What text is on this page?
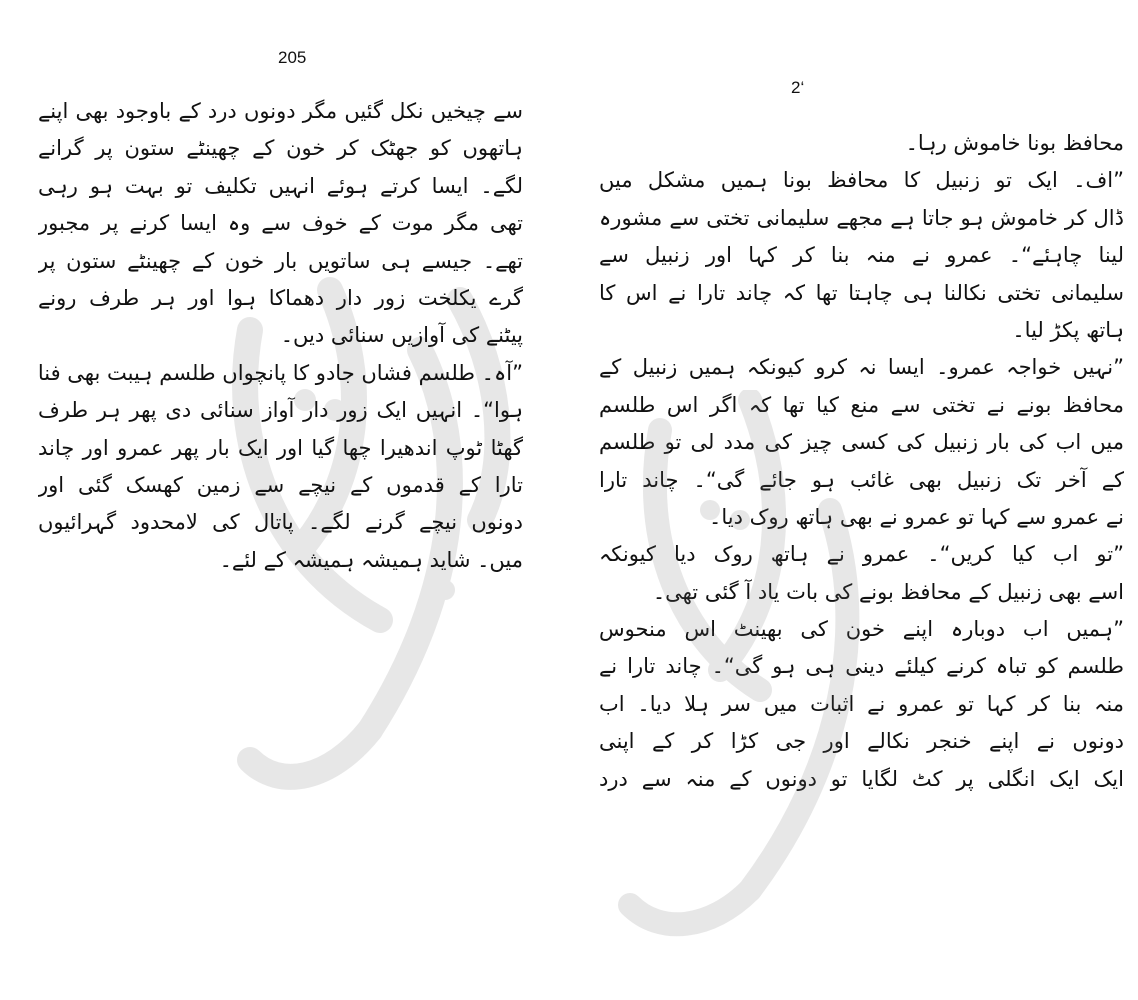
205
سے چیخیں نکل گئیں مگر دونوں درد کے باوجود بھی اپنے
ہاتھوں کو جھٹک کر خون کے چھینٹے ستون پر گرانے
لگے۔ ایسا کرتے ہوئے انہیں تکلیف تو بہت ہو رہی
تھی مگر موت کے خوف سے وہ ایسا کرنے پر مجبور
تھے۔ جیسے ہی ساتویں بار خون کے چھینٹے ستون پر
گرے یکلخت زور دار دھماکا ہوا اور ہر طرف رونے
پیٹنے کی آوازیں سنائی دیں۔
”آہ۔ طلسم فشاں جادو کا پانچواں طلسم ہیبت بھی فنا
ہوا“۔ انہیں ایک زور دار آواز سنائی دی پھر ہر طرف
گھٹا ٹوپ اندھیرا چھا گیا اور ایک بار پھر عمرو اور چاند
تارا کے قدموں کے نیچے سے زمین کھسک گئی اور
دونوں نیچے گرنے لگے۔ پاتال کی لامحدود گہرائیوں
میں۔ شاید ہمیشہ ہمیشہ کے لئے۔
2‘
محافظ بونا خاموش رہا۔
”اف۔ ایک تو زنبیل کا محافظ بونا ہمیں مشکل میں
ڈال کر خاموش ہو جاتا ہے مجھے سلیمانی تختی سے مشورہ
لینا چاہئے“۔ عمرو نے منہ بنا کر کہا اور زنبیل سے
سلیمانی تختی نکالنا ہی چاہتا تھا کہ چاند تارا نے اس کا
ہاتھ پکڑ لیا۔
”نہیں خواجہ عمرو۔ ایسا نہ کرو کیونکہ ہمیں زنبیل کے
محافظ بونے نے تختی سے منع کیا تھا کہ اگر اس طلسم
میں اب کی بار زنبیل کی کسی چیز کی مدد لی تو طلسم
کے آخر تک زنبیل بھی غائب ہو جائے گی“۔ چاند تارا
نے عمرو سے کہا تو عمرو نے بھی ہاتھ روک دیا۔
”تو اب کیا کریں“۔ عمرو نے ہاتھ روک دیا کیونکہ
اسے بھی زنبیل کے محافظ بونے کی بات یاد آ گئی تھی۔
”ہمیں اب دوبارہ اپنے خون کی بھینٹ اس منحوس
طلسم کو تباہ کرنے کیلئے دینی ہی ہو گی“۔ چاند تارا نے
منہ بنا کر کہا تو عمرو نے اثبات میں سر ہلا دیا۔ اب
دونوں نے اپنے خنجر نکالے اور جی کڑا کر کے اپنی
ایک ایک انگلی پر کٹ لگایا تو دونوں کے منہ سے درد
